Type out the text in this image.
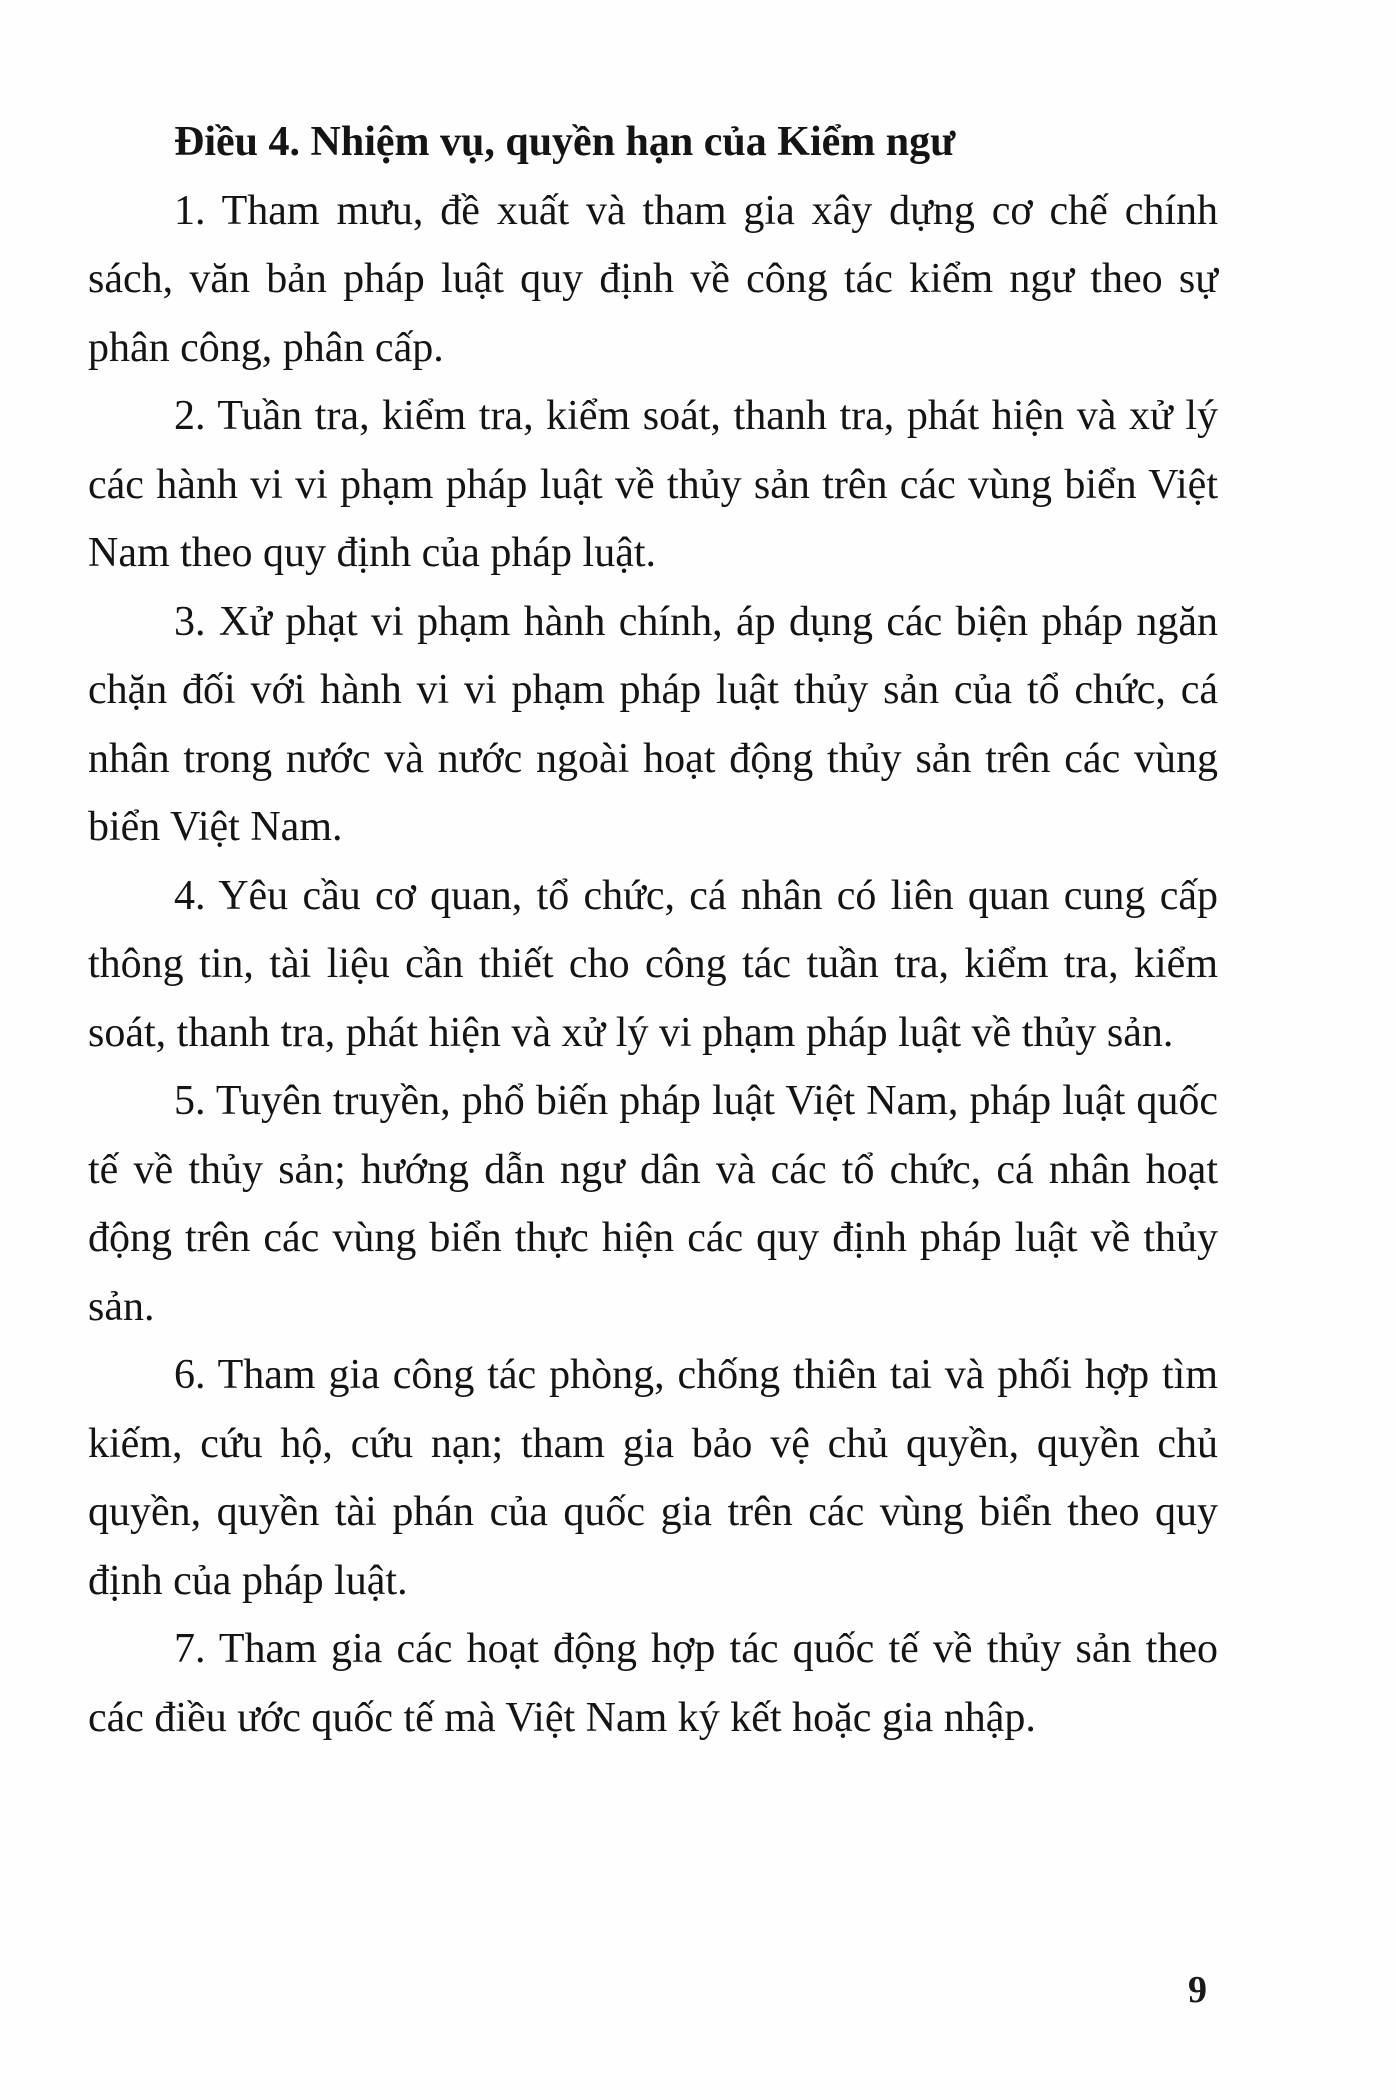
Điều 4. Nhiệm vụ, quyền hạn của Kiểm ngư

1. Tham mưu, đề xuất và tham gia xây dựng cơ chế chính sách, văn bản pháp luật quy định về công tác kiểm ngư theo sự phân công, phân cấp.

2. Tuần tra, kiểm tra, kiểm soát, thanh tra, phát hiện và xử lý các hành vi vi phạm pháp luật về thủy sản trên các vùng biển Việt Nam theo quy định của pháp luật.

3. Xử phạt vi phạm hành chính, áp dụng các biện pháp ngăn chặn đối với hành vi vi phạm pháp luật thủy sản của tổ chức, cá nhân trong nước và nước ngoài hoạt động thủy sản trên các vùng biển Việt Nam.

4. Yêu cầu cơ quan, tổ chức, cá nhân có liên quan cung cấp thông tin, tài liệu cần thiết cho công tác tuần tra, kiểm tra, kiểm soát, thanh tra, phát hiện và xử lý vi phạm pháp luật về thủy sản.

5. Tuyên truyền, phổ biến pháp luật Việt Nam, pháp luật quốc tế về thủy sản; hướng dẫn ngư dân và các tổ chức, cá nhân hoạt động trên các vùng biển thực hiện các quy định pháp luật về thủy sản.

6. Tham gia công tác phòng, chống thiên tai và phối hợp tìm kiếm, cứu hộ, cứu nạn; tham gia bảo vệ chủ quyền, quyền chủ quyền, quyền tài phán của quốc gia trên các vùng biển theo quy định của pháp luật.

7. Tham gia các hoạt động hợp tác quốc tế về thủy sản theo các điều ước quốc tế mà Việt Nam ký kết hoặc gia nhập.

9
